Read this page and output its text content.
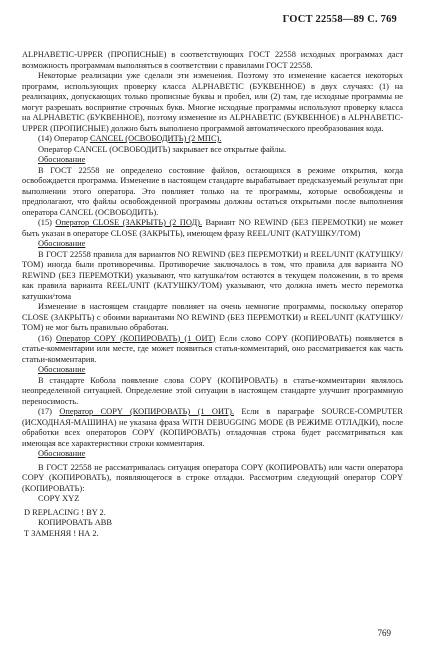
ГОСТ 22558—89 С. 769

ALPHABETIC-UPPER (ПРОПИСНЫЕ) в соответствующих ГОСТ 22558 исходных программах даст возможность программам выполняться в соответствии с правилами ГОСТ 22558.

Некоторые реализации уже сделали эти изменения. Поэтому это изменение касается некоторых программ, использующих проверку класса ALPHABETIC (БУКВЕННОЕ) в двух случаях: (1) на реализациях, допускающих только прописные буквы и пробел, или (2) там, где исходные программы не могут разрешать восприятие строчных букв. Многие исходные программы используют проверку класса на ALPHABETIC (БУКВЕННОЕ), поэтому изменение из ALPHABETIC (БУКВЕННОЕ) в ALPHABETIC-UPPER (ПРОПИСНЫЕ) должно быть выполнено программой автоматического преобразования кода.

(14) Оператор CANCEL (ОСВОБОДИТЬ) (2 МПС).

Оператор CANCEL (ОСВОБОДИТЬ) закрывает все открытые файлы.

Обоснование

В ГОСТ 22558 не определено состояние файлов, остающихся в режиме открытия, когда освобождается программа. Изменение в настоящем стандарте вырабатывает предсказуемый результат при выполнении этого оператора. Это повлияет только на те программы, которые освобождены и предполагают, что файлы освобожденной программы должны остаться открытыми после выполнения оператора CANCEL (ОСВОБОДИТЬ).

(15) Оператор CLOSE (ЗАКРЫТЬ) (2 ПОД). Вариант NO REWIND (БЕЗ ПЕРЕМОТКИ) не может быть указан в операторе CLOSE (ЗАКРЫТЬ), имеющем фразу REEL/UNIT (КАТУШКУ/ТОМ)

Обоснование

В ГОСТ 22558 правила для вариантов NO REWIND (БЕЗ ПЕРЕМОТКИ) и REEL/UNIT (КАТУШКУ/ТОМ) иногда были противоречивы. Противоречие заключалось в том, что правила для варианта NO REWIND (БЕЗ ПЕРЕМОТКИ) указывают, что катушка/том остаются в текущем положении, в то время как правила варианта REEL/UNIT (КАТУШКУ/ТОМ) указывают, что должна иметь место перемотка катушки/тома

Изменение в настоящем стандарте повлияет на очень немногие программы, поскольку оператор CLOSE (ЗАКРЫТЬ) с обоими вариантами NO REWIND (БЕЗ ПЕРЕМОТКИ) и REEL/UNIT (КАТУШКУ/ТОМ) не мог быть правильно обработан.

(16) Оператор COPY (КОПИРОВАТЬ) (1 ОИТ) Если слово COPY (КОПИРОВАТЬ) появляется в статье-комментарии или месте, где может появиться статья-комментарий, оно рассматривается как часть статьи-комментария.

Обоснование

В стандарте Кобола появление слова COPY (КОПИРОВАТЬ) в статье-комментарии являлось неопределенной ситуацией. Определение этой ситуации в настоящем стандарте улучшит программную переносимость.

(17) Оператор COPY (КОПИРОВАТЬ) (1 ОИТ). Если в параграфе SOURCE-COMPUTER (ИСХОДНАЯ-МАШИНА) не указана фраза WITH DEBUGGING MODE (В РЕЖИМЕ ОТЛАДКИ), после обработки всех операторов COPY (КОПИРОВАТЬ) отладочная строка будет рассматриваться как имеющая все характеристики строки комментария.

Обоснование

В ГОСТ 22558 не рассматривалась ситуация оператора COPY (КОПИРОВАТЬ) или части оператора COPY (КОПИРОВАТЬ), появляющегося в строке отладки. Рассмотрим следующий оператор COPY (КОПИРОВАТЬ):

COPY XYZ

D REPLACING ! BY 2.

КОПИРОВАТЬ АВВ

Т ЗАМЕНЯЯ ! НА 2.

769
